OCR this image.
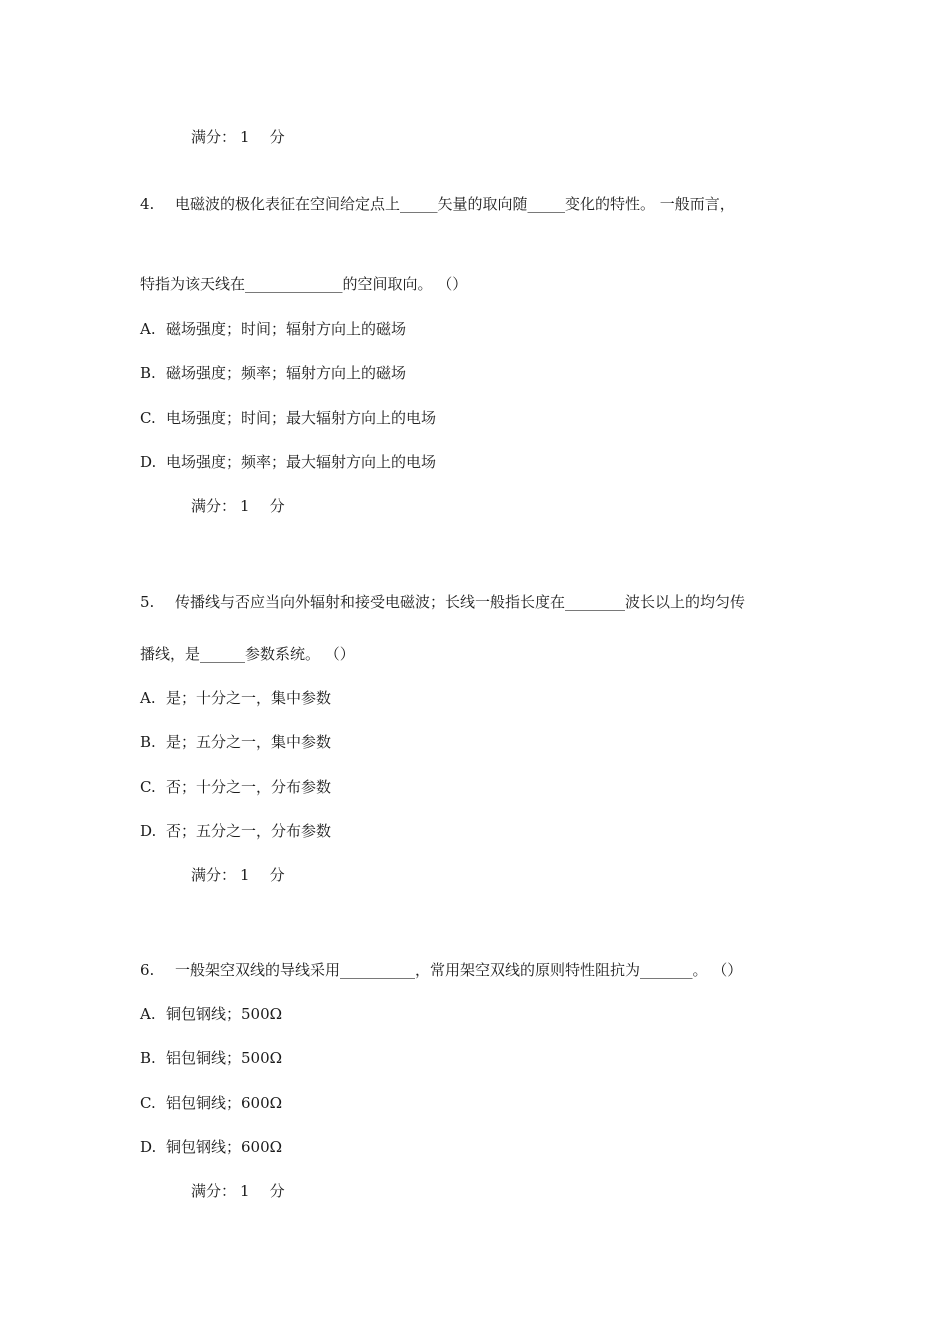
满分： 1 分
4. 电磁波的极化表征在空间给定点上_____矢量的取向随_____变化的特性。 一般而言，
特指为该天线在_____________的空间取向。 （）
A. 磁场强度；时间；辐射方向上的磁场
B. 磁场强度；频率；辐射方向上的磁场
C. 电场强度；时间；最大辐射方向上的电场
D. 电场强度；频率；最大辐射方向上的电场
满分： 1 分
5. 传播线与否应当向外辐射和接受电磁波；长线一般指长度在________波长以上的均匀传
播线，是______参数系统。 （）
A. 是；十分之一，集中参数
B. 是；五分之一，集中参数
C. 否；十分之一，分布参数
D. 否；五分之一，分布参数
满分： 1 分
6. 一般架空双线的导线采用__________，常用架空双线的原则特性阻抗为_______。 （）
A. 铜包钢线；500Ω
B. 铝包铜线；500Ω
C. 铝包铜线；600Ω
D. 铜包钢线；600Ω
满分： 1 分
